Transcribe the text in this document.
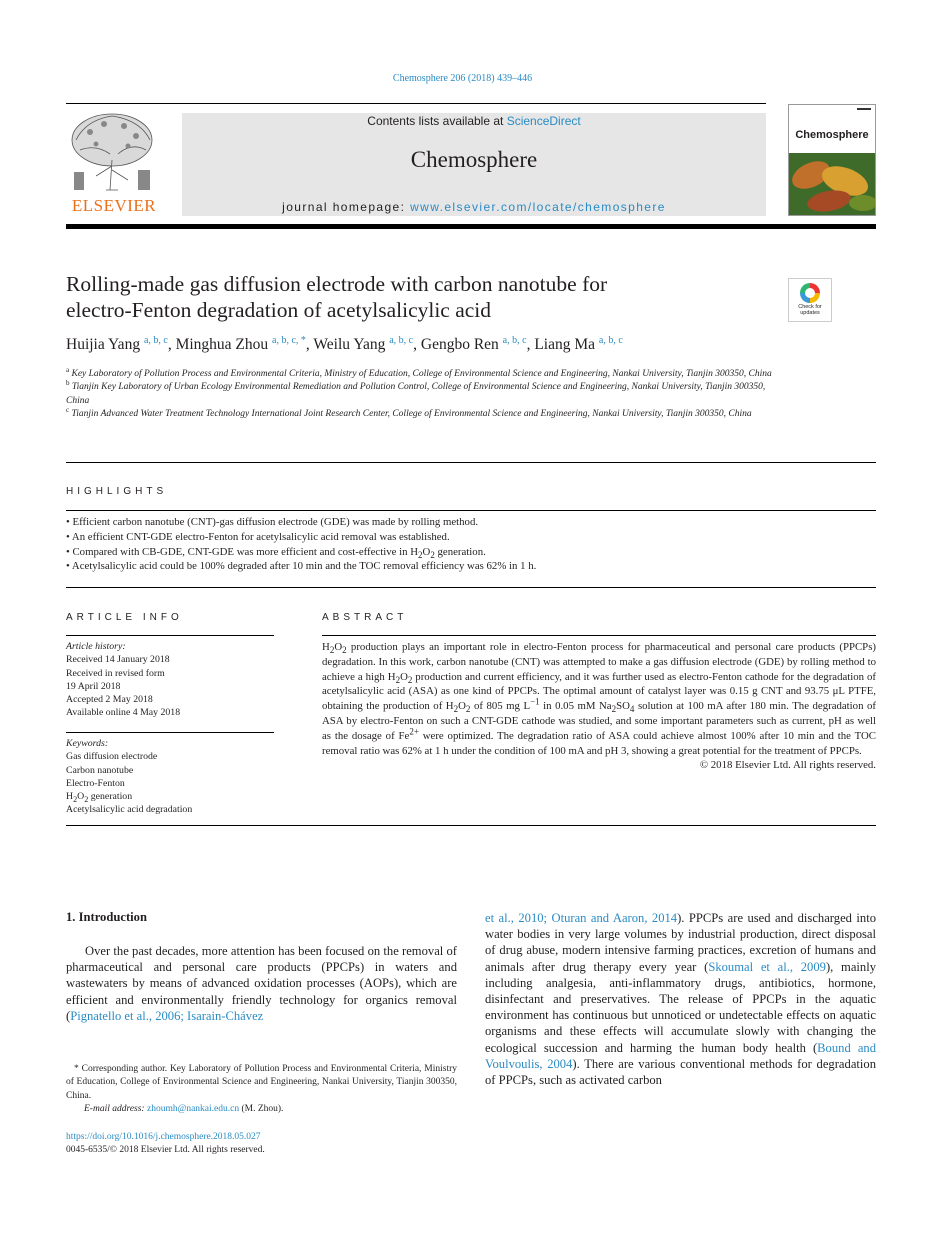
Chemosphere 206 (2018) 439–446
ELSEVIER
Contents lists available at ScienceDirect
Chemosphere
journal homepage: www.elsevier.com/locate/chemosphere
Chemosphere
Rolling-made gas diffusion electrode with carbon nanotube for
electro-Fenton degradation of acetylsalicylic acid	Check for
updates
Huijia Yang $^{a, b, c}$, Minghua Zhou $^{a, b, c, *}$, Weilu Yang $^{a, b, c}$, Gengbo Ren $^{a, b, c}$, Liang Ma $^{a, b, c}$
$^a$ Key Laboratory of Pollution Process and Environmental Criteria, Ministry of Education, College of Environmental Science and Engineering, Nankai University, Tianjin 300350, China
$^b$ Tianjin Key Laboratory of Urban Ecology Environmental Remediation and Pollution Control, College of Environmental Science and Engineering, Nankai University, Tianjin 300350, China
$^c$ Tianjin Advanced Water Treatment Technology International Joint Research Center, College of Environmental Science and Engineering, Nankai University, Tianjin 300350, China
HIGHLIGHTS
• Efficient carbon nanotube (CNT)-gas diffusion electrode (GDE) was made by rolling method.
• An efficient CNT-GDE electro-Fenton for acetylsalicylic acid removal was established.
• Compared with CB-GDE, CNT-GDE was more efficient and cost-effective in $H_2O_2$ generation.
• Acetylsalicylic acid could be 100% degraded after 10 min and the TOC removal efficiency was 62% in 1 h.
ARTICLE INFO
Article history:
Received 14 January 2018
Received in revised form
19 April 2018
Accepted 2 May 2018
Available online 4 May 2018
Keywords:
Gas diffusion electrode
Carbon nanotube
Electro-Fenton
$H_2O_2$ generation
Acetylsalicylic acid degradation
ABSTRACT
$H_2O_2$ production plays an important role in electro-Fenton process for pharmaceutical and personal care products (PPCPs) degradation. In this work, carbon nanotube (CNT) was attempted to make a gas diffusion electrode (GDE) by rolling method to achieve a high $H_2O_2$ production and current efficiency, and it was further used as electro-Fenton cathode for the degradation of acetylsalicylic acid (ASA) as one kind of PPCPs. The optimal amount of catalyst layer was 0.15 g CNT and 93.75 μL PTFE, obtaining the production of $H_2O_2$ of 805 mg $L^{-1}$ in 0.05 mM $Na_2SO_4$ solution at 100 mA after 180 min. The degradation of ASA by electro-Fenton on such a CNT-GDE cathode was studied, and some important parameters such as current, pH as well as the dosage of $Fe^{2+}$ were optimized. The degradation ratio of ASA could achieve almost 100% after 10 min and the TOC removal ratio was 62% at 1 h under the condition of 100 mA and pH 3, showing a great potential for the treatment of PPCPs.
© 2018 Elsevier Ltd. All rights reserved.
1. Introduction
Over the past decades, more attention has been focused on the removal of pharmaceutical and personal care products (PPCPs) in waters and wastewaters by means of advanced oxidation processes (AOPs), which are efficient and environmentally friendly technology for organics removal (Pignatello et al., 2006; Isarain-Chávez
et al., 2010; Oturan and Aaron, 2014). PPCPs are used and discharged into water bodies in very large volumes by industrial production, direct disposal of drug abuse, modern intensive farming practices, excretion of humans and animals after drug therapy every year (Skoumal et al., 2009), mainly including analgesia, anti-inflammatory drugs, antibiotics, hormone, disinfectant and preservatives. The release of PPCPs in the aquatic environment has continuous but unnoticed or undetectable effects on aquatic organisms and these effects will accumulate slowly with changing the ecological succession and harming the human body health (Bound and Voulvoulis, 2004). There are various conventional methods for degradation of PPCPs, such as activated carbon
* Corresponding author. Key Laboratory of Pollution Process and Environmental Criteria, Ministry of Education, College of Environmental Science and Engineering, Nankai University, Tianjin 300350, China.
E-mail address: zhoumh@nankai.edu.cn (M. Zhou).
https://doi.org/10.1016/j.chemosphere.2018.05.027
0045-6535/© 2018 Elsevier Ltd. All rights reserved.
